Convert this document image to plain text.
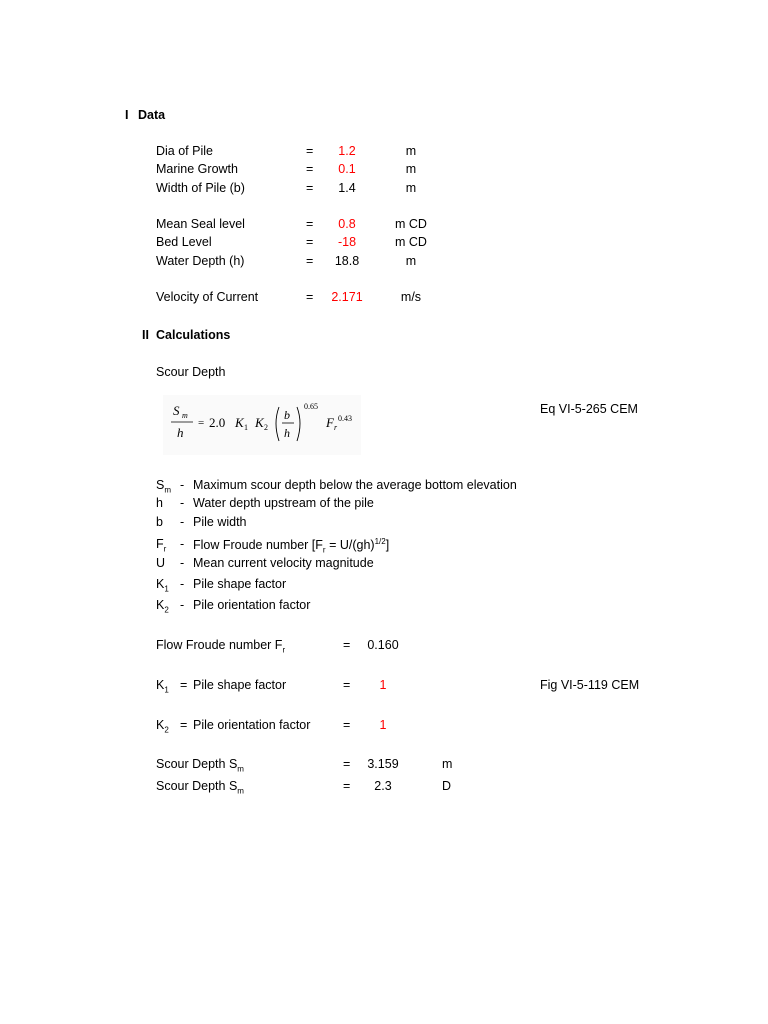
I Data
Dia of Pile	=	1.2	m
Marine Growth	=	0.1	m
Width of Pile (b)	=	1.4	m
Mean Seal level	=	0.8	m CD
Bed Level	=	-18	m CD
Water Depth (h)	=	18.8	m
Velocity of Current	=	2.171	m/s
II Calculations
Scour Depth
S m
h
= 2.0 K 1 K 2
b
h
0.65
F r
0.43
Eq VI-5-265 CEM
$S_m$ - Maximum scour depth below the average bottom elevation
h - Water depth upstream of the pile
b - Pile width
$F_r$ - Flow Froude number $[F_r = U/(gh)^{1/2}]$
U - Mean current velocity magnitude
$K_1$ - Pile shape factor
$K_2$ - Pile orientation factor
Flow Froude number $F_r$	=	0.160
$K_1$ = Pile shape factor	=	1	Fig VI-5-119 CEM
$K_2$ = Pile orientation factor	=	1
Scour Depth $S_m$	=	3.159	m
Scour Depth $S_m$	=	2.3	D
